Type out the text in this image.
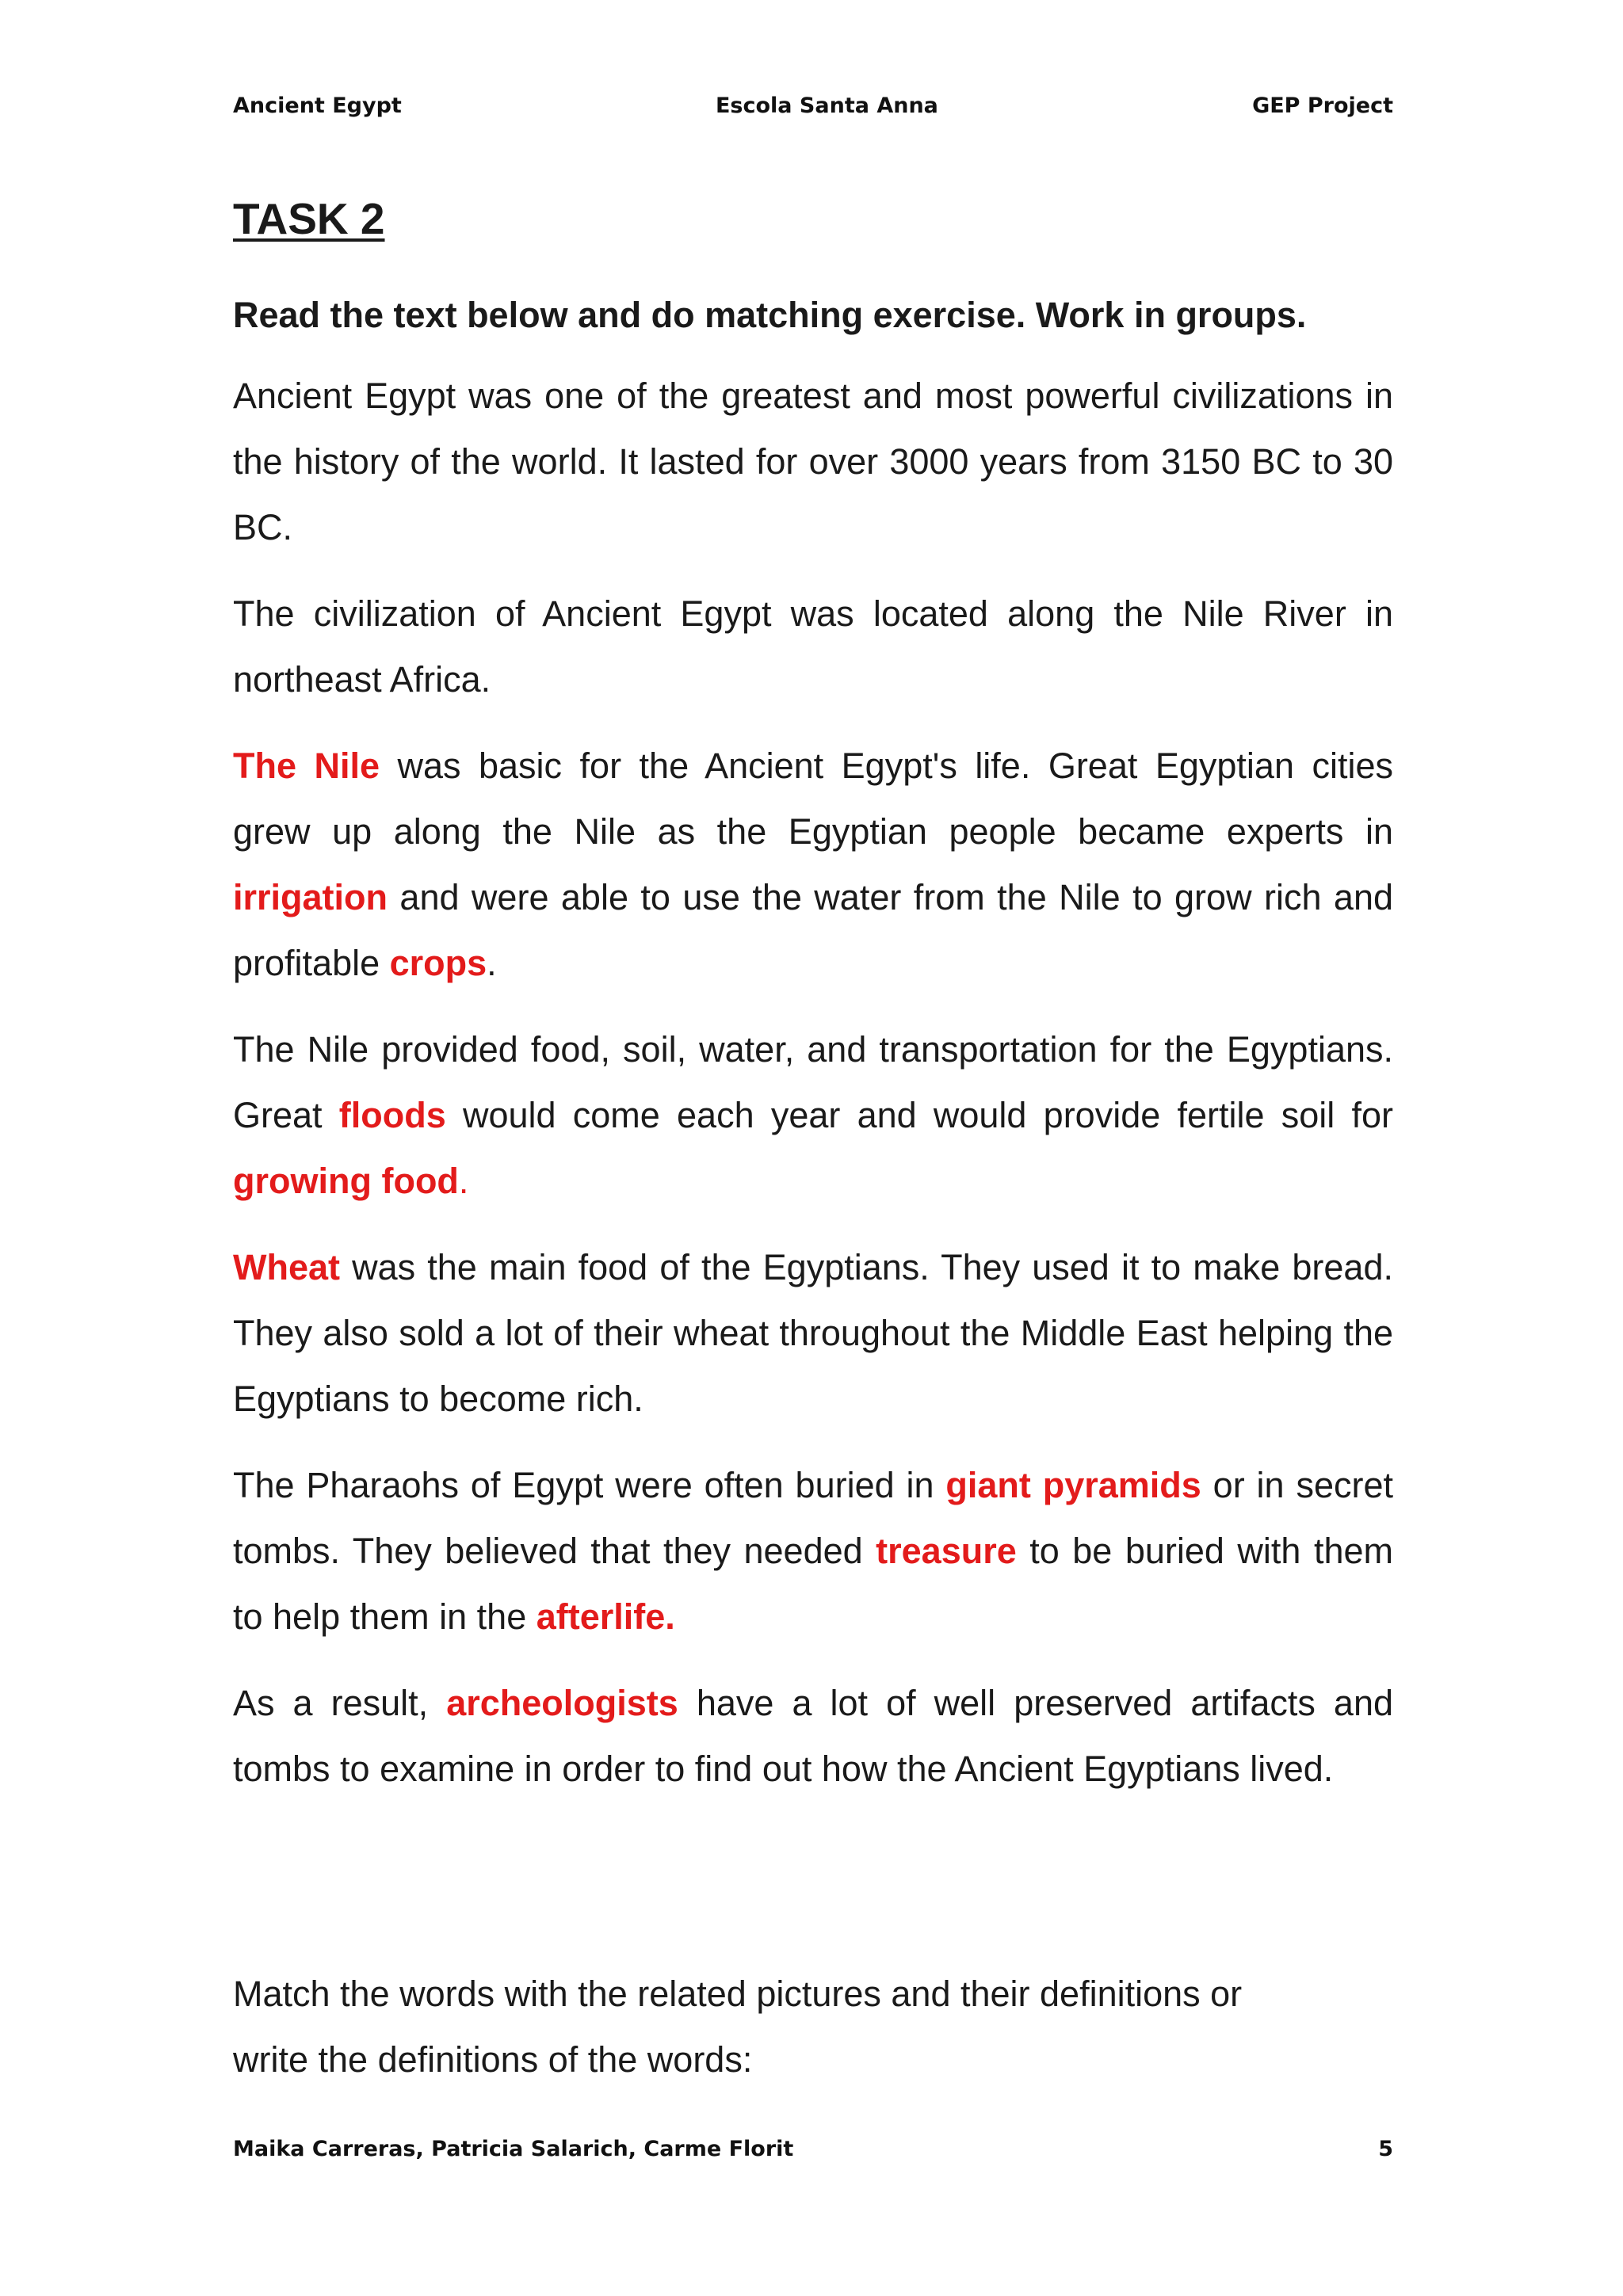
Ancient Egypt	Escola Santa Anna	GEP Project
TASK 2
Read the text below and do matching exercise. Work in groups.

Ancient Egypt was one of the greatest and most powerful civilizations in the history of the world. It lasted for over 3000 years from 3150 BC to 30 BC.

The civilization of Ancient Egypt was located along the Nile River in northeast Africa.

The Nile was basic for the Ancient Egypt's life. Great Egyptian cities grew up along the Nile as the Egyptian people became experts in irrigation and were able to use the water from the Nile to grow rich and profitable crops.

The Nile provided food, soil, water, and transportation for the Egyptians. Great floods would come each year and would provide fertile soil for growing food.

Wheat was the main food of the Egyptians. They used it to make bread. They also sold a lot of their wheat throughout the Middle East helping the Egyptians to become rich.

The Pharaohs of Egypt were often buried in giant pyramids or in secret tombs. They believed that they needed treasure to be buried with them to help them in the afterlife.

As a result, archeologists have a lot of well preserved artifacts and tombs to examine in order to find out how the Ancient Egyptians lived.

Match the words with the related pictures and their definitions or

write the definitions of the words:

Maika Carreras, Patricia Salarich, Carme Florit	5
